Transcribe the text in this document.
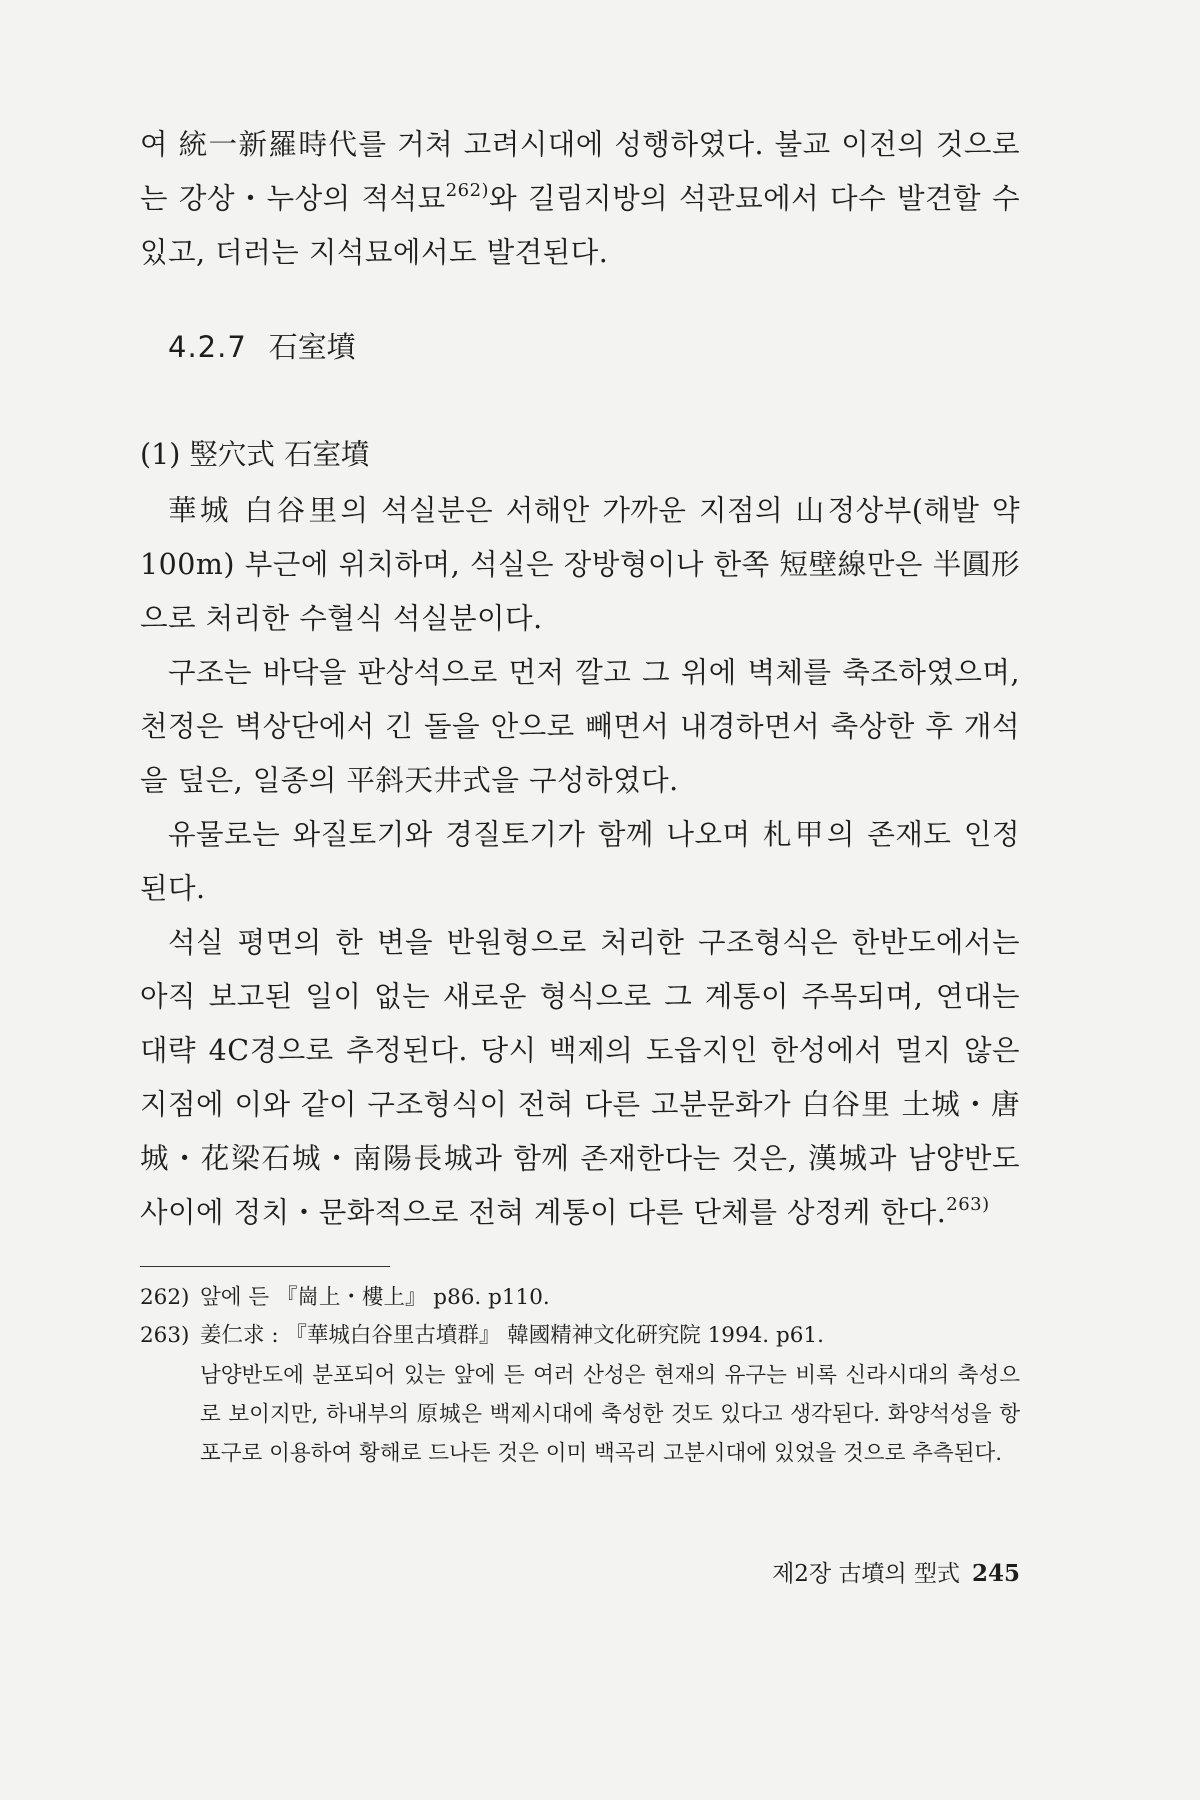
여 統一新羅時代를 거쳐 고려시대에 성행하였다. 불교 이전의 것으로는 강상・누상의 적석묘$^{262)}$와 길림지방의 석관묘에서 다수 발견할 수 있고, 더러는 지석묘에서도 발견된다.
4.2.7 石室墳
(1) 竪穴式 石室墳
華城 白谷里의 석실분은 서해안 가까운 지점의 山정상부(해발 약 100m) 부근에 위치하며, 석실은 장방형이나 한쪽 短壁線만은 半圓形으로 처리한 수혈식 석실분이다.
구조는 바닥을 판상석으로 먼저 깔고 그 위에 벽체를 축조하였으며, 천정은 벽상단에서 긴 돌을 안으로 빼면서 내경하면서 축상한 후 개석을 덮은, 일종의 平斜天井式을 구성하였다.
유물로는 와질토기와 경질토기가 함께 나오며 札甲의 존재도 인정된다.
석실 평면의 한 변을 반원형으로 처리한 구조형식은 한반도에서는 아직 보고된 일이 없는 새로운 형식으로 그 계통이 주목되며, 연대는 대략 4C경으로 추정된다. 당시 백제의 도읍지인 한성에서 멀지 않은 지점에 이와 같이 구조형식이 전혀 다른 고분문화가 白谷里 土城・唐城・花梁石城・南陽長城과 함께 존재한다는 것은, 漢城과 남양반도 사이에 정치・문화적으로 전혀 계통이 다른 단체를 상정케 한다.$^{263)}$
262) 앞에 든 『崗上・樓上』 p86. p110.
263) 姜仁求 : 『華城白谷里古墳群』 韓國精神文化硏究院 1994. p61.
남양반도에 분포되어 있는 앞에 든 여러 산성은 현재의 유구는 비록 신라시대의 축성으로 보이지만, 하내부의 原城은 백제시대에 축성한 것도 있다고 생각된다. 화양석성을 항포구로 이용하여 황해로 드나든 것은 이미 백곡리 고분시대에 있었을 것으로 추측된다.
제2장 古墳의 型式 245
